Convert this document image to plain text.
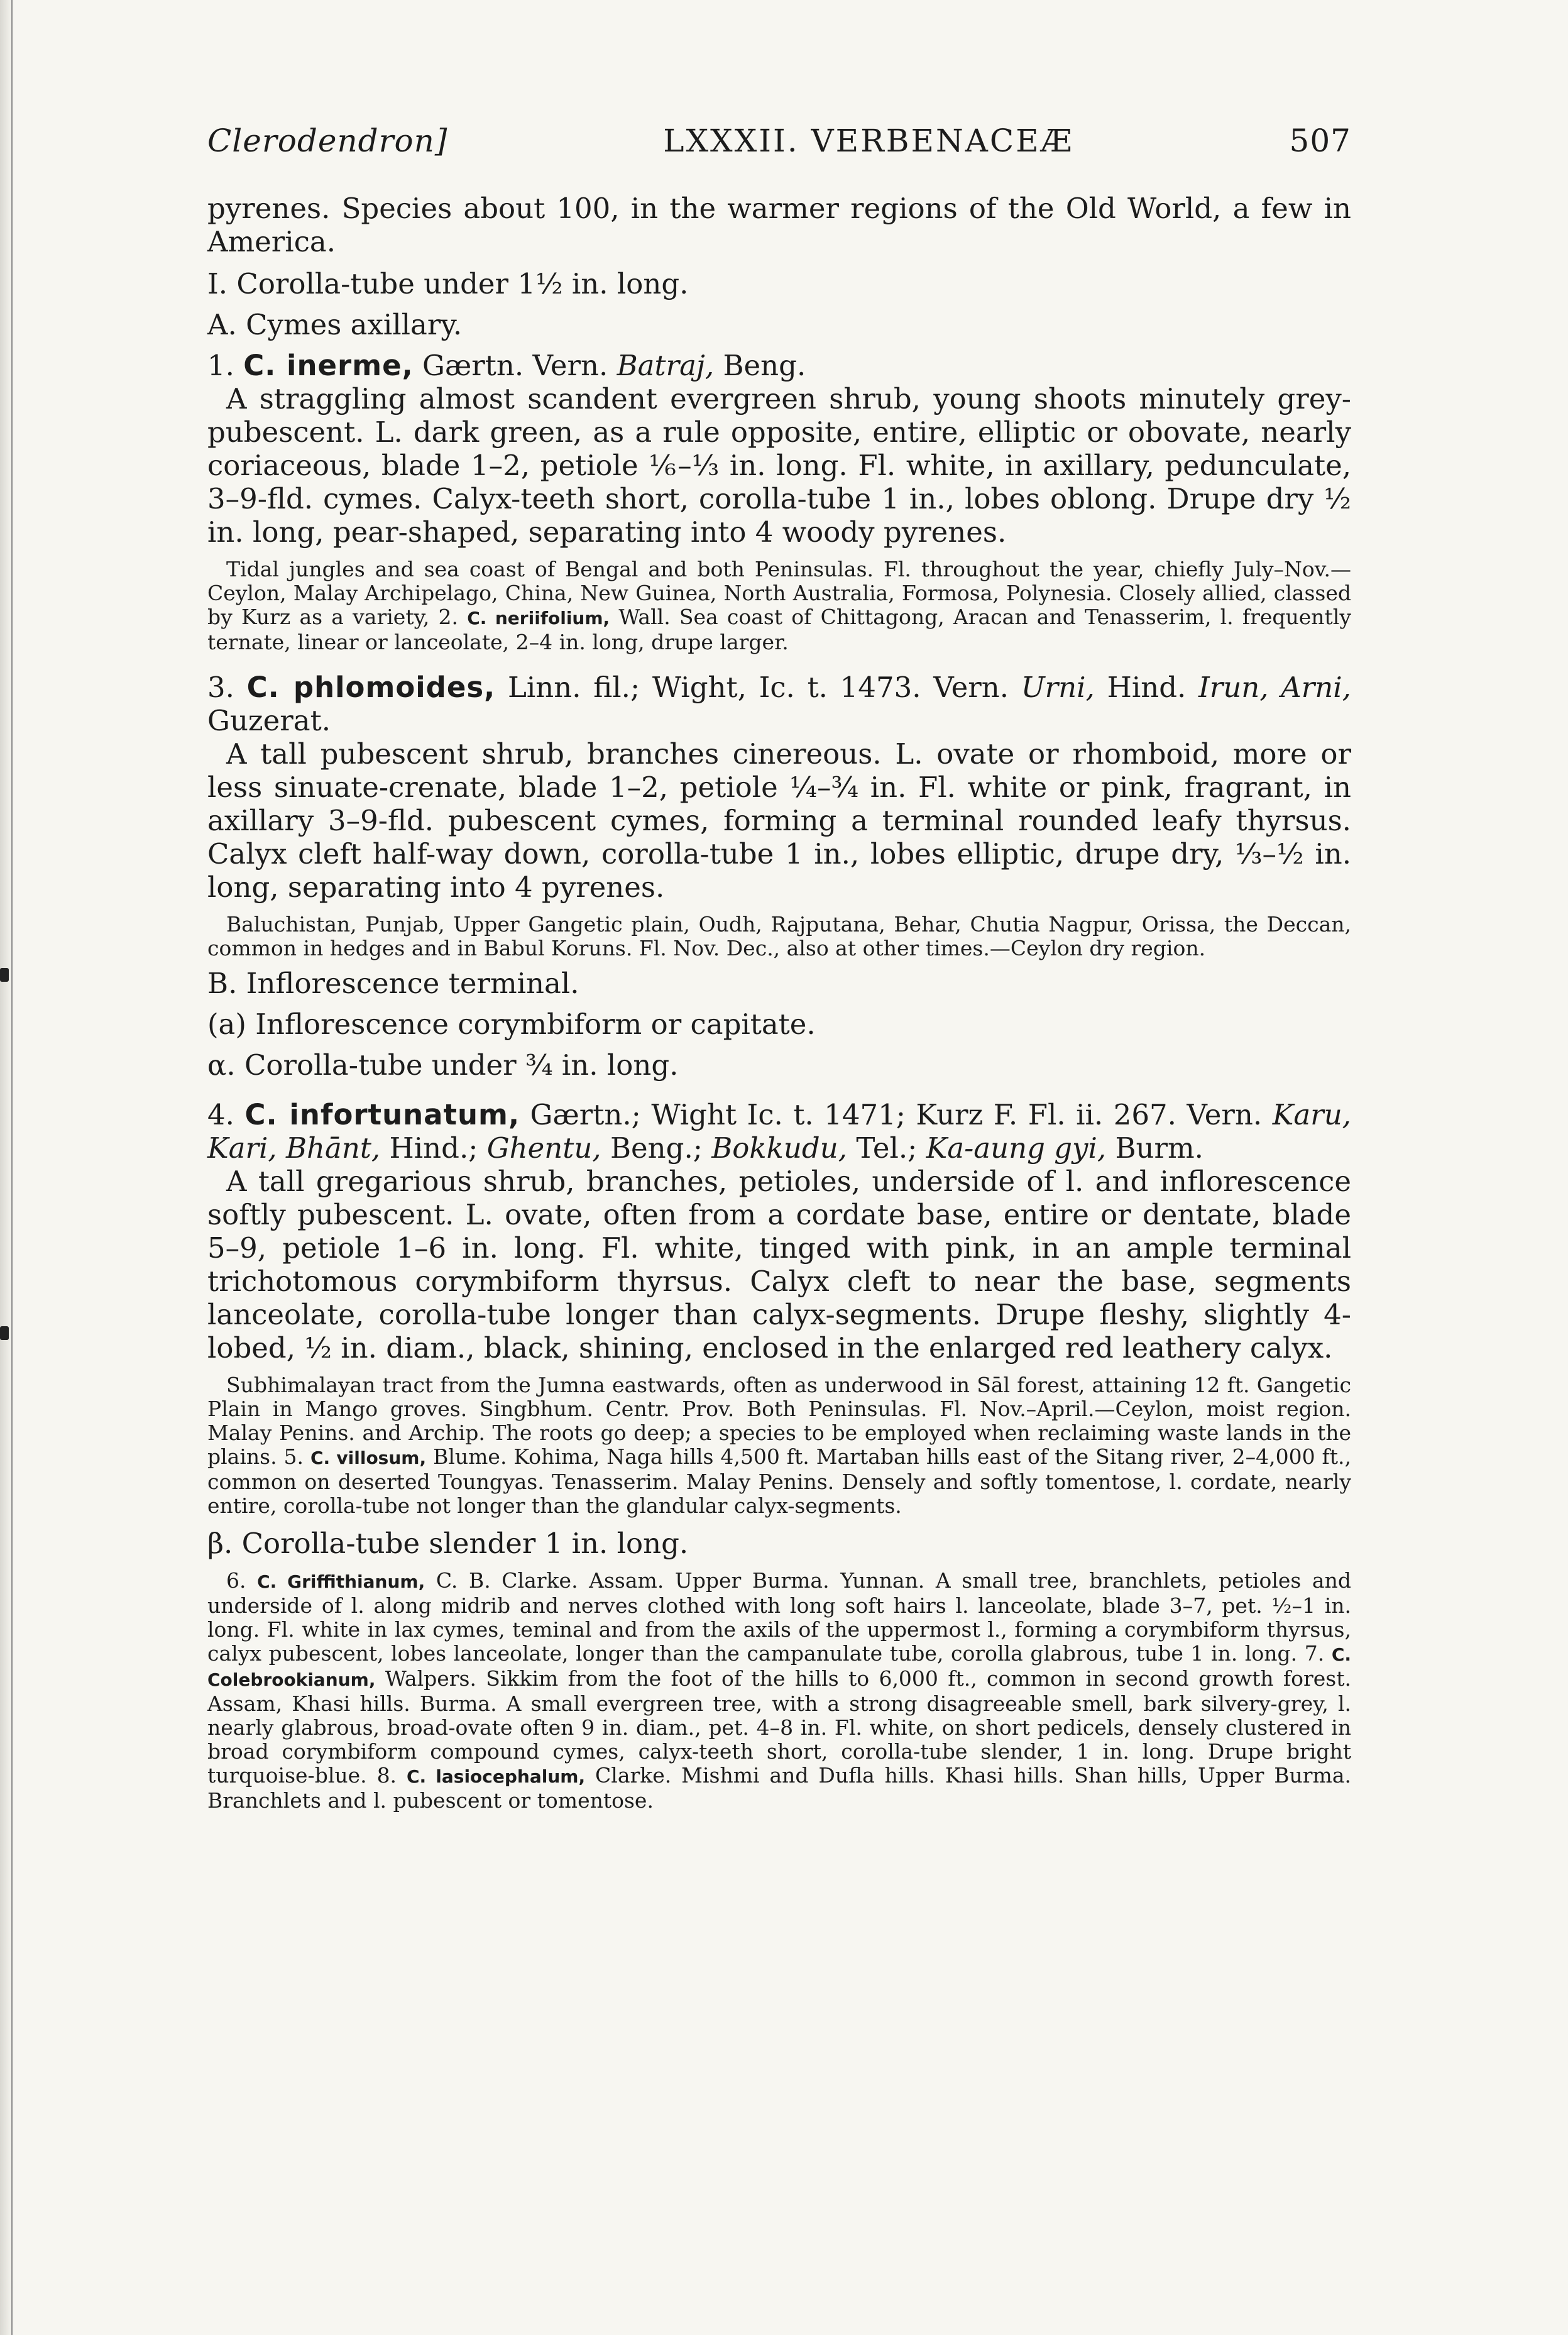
Clerodendron]	LXXXII. VERBENACEÆ	507

pyrenes. Species about 100, in the warmer regions of the Old World, a few in America.

I. Corolla-tube under 1½ in. long.

A. Cymes axillary.

1. C. inerme, Gærtn. Vern. Batraj, Beng.

A straggling almost scandent evergreen shrub, young shoots minutely grey-pubescent. L. dark green, as a rule opposite, entire, elliptic or obovate, nearly coriaceous, blade 1–2, petiole ⅙–⅓ in. long. Fl. white, in axillary, pedunculate, 3–9-fld. cymes. Calyx-teeth short, corolla-tube 1 in., lobes oblong. Drupe dry ½ in. long, pear-shaped, separating into 4 woody pyrenes.

Tidal jungles and sea coast of Bengal and both Peninsulas. Fl. throughout the year, chiefly July–Nov.—Ceylon, Malay Archipelago, China, New Guinea, North Australia, Formosa, Polynesia. Closely allied, classed by Kurz as a variety, 2. C. neriifolium, Wall. Sea coast of Chittagong, Aracan and Tenasserim, l. frequently ternate, linear or lanceolate, 2–4 in. long, drupe larger.

3. C. phlomoides, Linn. fil.; Wight, Ic. t. 1473. Vern. Urni, Hind. Irun, Arni, Guzerat.

A tall pubescent shrub, branches cinereous. L. ovate or rhomboid, more or less sinuate-crenate, blade 1–2, petiole ¼–¾ in. Fl. white or pink, fragrant, in axillary 3–9-fld. pubescent cymes, forming a terminal rounded leafy thyrsus. Calyx cleft half-way down, corolla-tube 1 in., lobes elliptic, drupe dry, ⅓–½ in. long, separating into 4 pyrenes.

Baluchistan, Punjab, Upper Gangetic plain, Oudh, Rajputana, Behar, Chutia Nagpur, Orissa, the Deccan, common in hedges and in Babul Koruns. Fl. Nov. Dec., also at other times.—Ceylon dry region.

B. Inflorescence terminal.

(a) Inflorescence corymbiform or capitate.

α. Corolla-tube under ¾ in. long.

4. C. infortunatum, Gærtn.; Wight Ic. t. 1471; Kurz F. Fl. ii. 267. Vern. Karu, Kari, Bhānt, Hind.; Ghentu, Beng.; Bokkudu, Tel.; Ka-aung gyi, Burm.

A tall gregarious shrub, branches, petioles, underside of l. and inflorescence softly pubescent. L. ovate, often from a cordate base, entire or dentate, blade 5–9, petiole 1–6 in. long. Fl. white, tinged with pink, in an ample terminal trichotomous corymbiform thyrsus. Calyx cleft to near the base, segments lanceolate, corolla-tube longer than calyx-segments. Drupe fleshy, slightly 4-lobed, ½ in. diam., black, shining, enclosed in the enlarged red leathery calyx.

Subhimalayan tract from the Jumna eastwards, often as underwood in Sāl forest, attaining 12 ft. Gangetic Plain in Mango groves. Singbhum. Centr. Prov. Both Peninsulas. Fl. Nov.–April.—Ceylon, moist region. Malay Penins. and Archip. The roots go deep; a species to be employed when reclaiming waste lands in the plains. 5. C. villosum, Blume. Kohima, Naga hills 4,500 ft. Martaban hills east of the Sitang river, 2–4,000 ft., common on deserted Toungyas. Tenasserim. Malay Penins. Densely and softly tomentose, l. cordate, nearly entire, corolla-tube not longer than the glandular calyx-segments.

β. Corolla-tube slender 1 in. long.

6. C. Griffithianum, C. B. Clarke. Assam. Upper Burma. Yunnan. A small tree, branchlets, petioles and underside of l. along midrib and nerves clothed with long soft hairs l. lanceolate, blade 3–7, pet. ½–1 in. long. Fl. white in lax cymes, teminal and from the axils of the uppermost l., forming a corymbiform thyrsus, calyx pubescent, lobes lanceolate, longer than the campanulate tube, corolla glabrous, tube 1 in. long. 7. C. Colebrookianum, Walpers. Sikkim from the foot of the hills to 6,000 ft., common in second growth forest. Assam, Khasi hills. Burma. A small evergreen tree, with a strong disagreeable smell, bark silvery-grey, l. nearly glabrous, broad-ovate often 9 in. diam., pet. 4–8 in. Fl. white, on short pedicels, densely clustered in broad corymbiform compound cymes, calyx-teeth short, corolla-tube slender, 1 in. long. Drupe bright turquoise-blue. 8. C. lasiocephalum, Clarke. Mishmi and Dufla hills. Khasi hills. Shan hills, Upper Burma. Branchlets and l. pubescent or tomentose.
